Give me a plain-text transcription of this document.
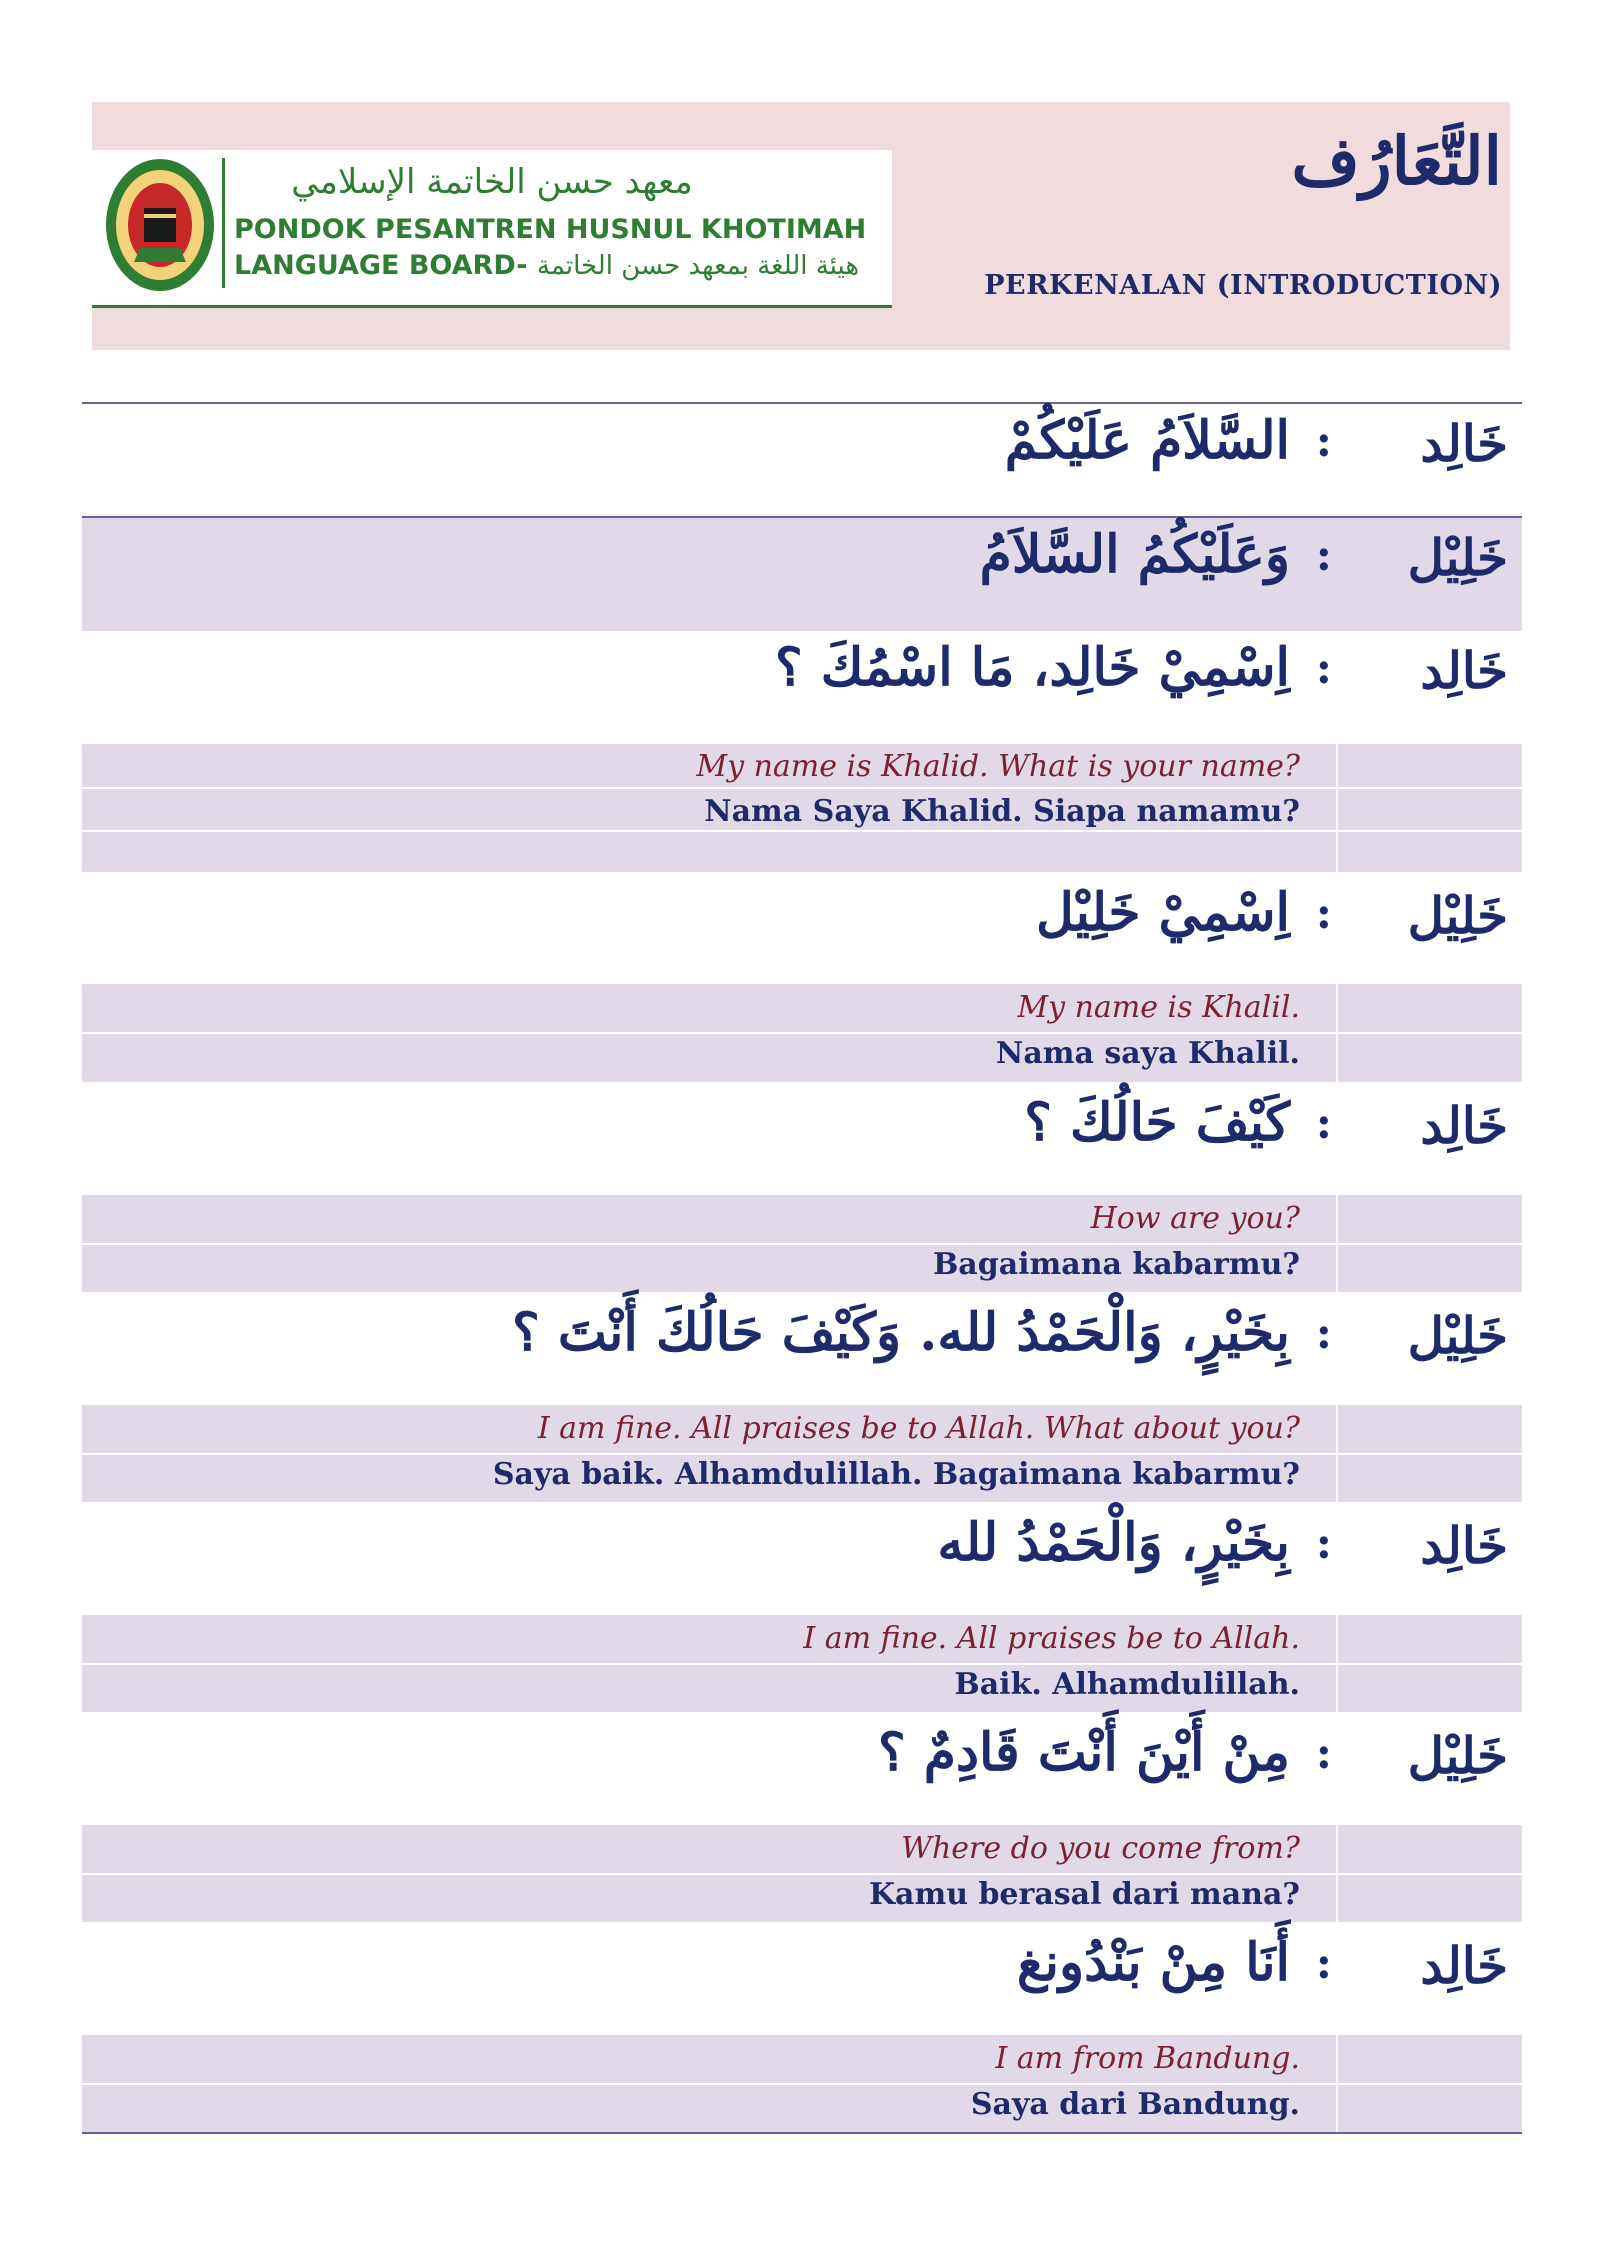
معهد حسن الخاتمة الإسلامي
PONDOK PESANTREN HUSNUL KHOTIMAH
LANGUAGE BOARD- هيئة اللغة بمعهد حسن الخاتمة
التَّعَارُف
PERKENALAN (INTRODUCTION)
خَالِد
:
السَّلاَمُ عَلَيْكُمْ
خَلِيْل
:
وَعَلَيْكُمُ السَّلاَمُ
خَالِد
:
اِسْمِيْ خَالِد، مَا اسْمُكَ ؟
My name is Khalid. What is your name?
Nama Saya Khalid. Siapa namamu?
خَلِيْل
:
اِسْمِيْ خَلِيْل
My name is Khalil.
Nama saya Khalil.
خَالِد
:
كَيْفَ حَالُكَ ؟
How are you?
Bagaimana kabarmu?
خَلِيْل
:
بِخَيْرٍ، وَالْحَمْدُ لله. وَكَيْفَ حَالُكَ أَنْتَ ؟
I am fine. All praises be to Allah. What about you?
Saya baik. Alhamdulillah. Bagaimana kabarmu?
خَالِد
:
بِخَيْرٍ، وَالْحَمْدُ لله
I am fine. All praises be to Allah.
Baik. Alhamdulillah.
خَلِيْل
:
مِنْ أَيْنَ أَنْتَ قَادِمٌ ؟
Where do you come from?
Kamu berasal dari mana?
خَالِد
:
أَنَا مِنْ بَنْدُونغ
I am from Bandung.
Saya dari Bandung.
